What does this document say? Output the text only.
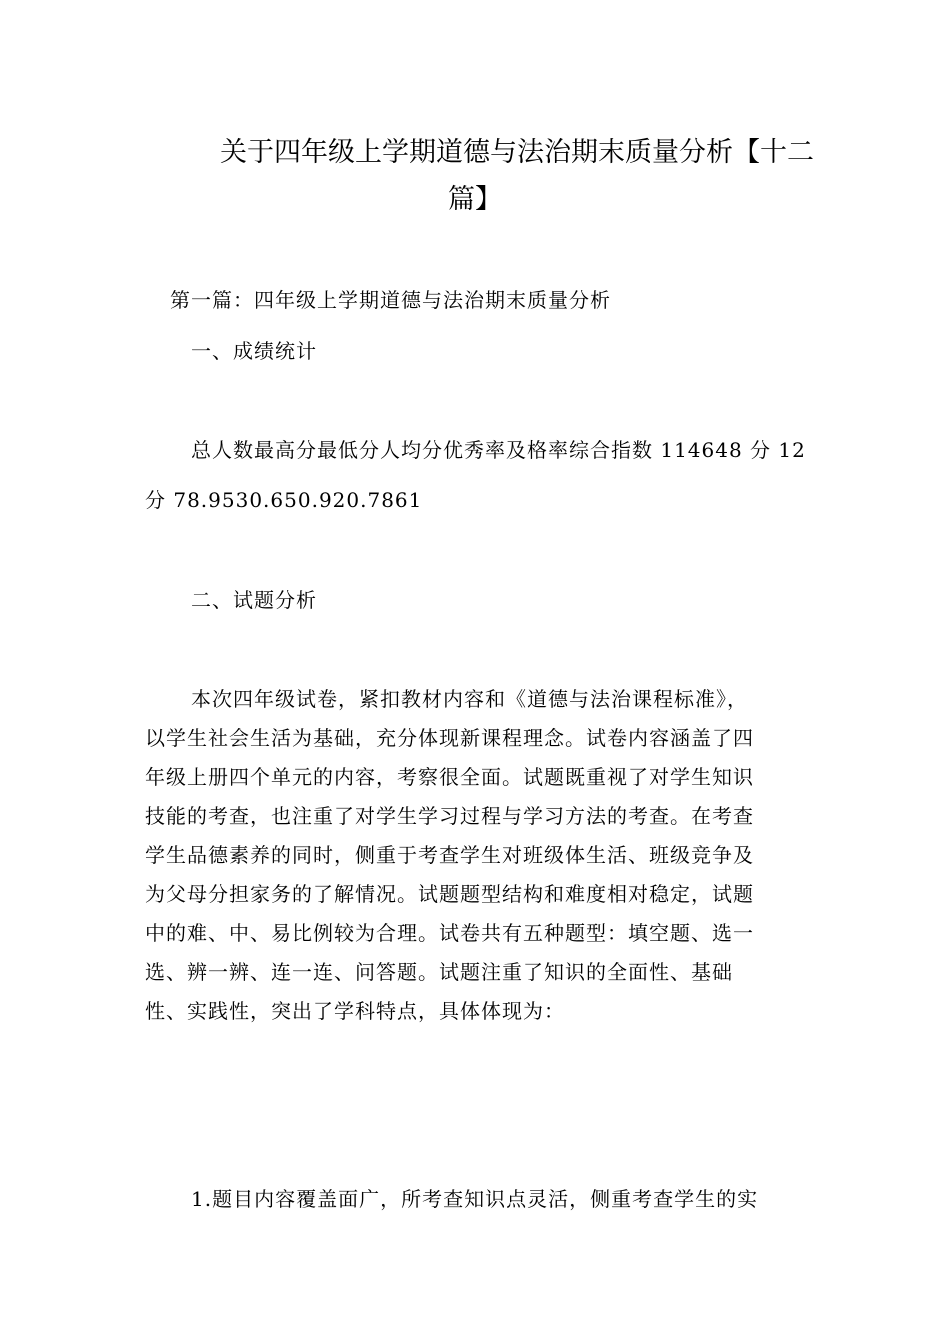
关于四年级上学期道德与法治期末质量分析【十二
篇】
第一篇：四年级上学期道德与法治期末质量分析
一、成绩统计
总人数最高分最低分人均分优秀率及格率综合指数 114648 分 12
分 78.9530.650.920.7861
二、试题分析
本次四年级试卷，紧扣教材内容和《道德与法治课程标准》，
以学生社会生活为基础，充分体现新课程理念。试卷内容涵盖了四
年级上册四个单元的内容，考察很全面。试题既重视了对学生知识
技能的考查，也注重了对学生学习过程与学习方法的考查。在考查
学生品德素养的同时，侧重于考查学生对班级体生活、班级竞争及
为父母分担家务的了解情况。试题题型结构和难度相对稳定，试题
中的难、中、易比例较为合理。试卷共有五种题型：填空题、选一
选、辨一辨、连一连、问答题。试题注重了知识的全面性、基础
性、实践性，突出了学科特点，具体体现为：
1.题目内容覆盖面广，所考查知识点灵活，侧重考查学生的实
